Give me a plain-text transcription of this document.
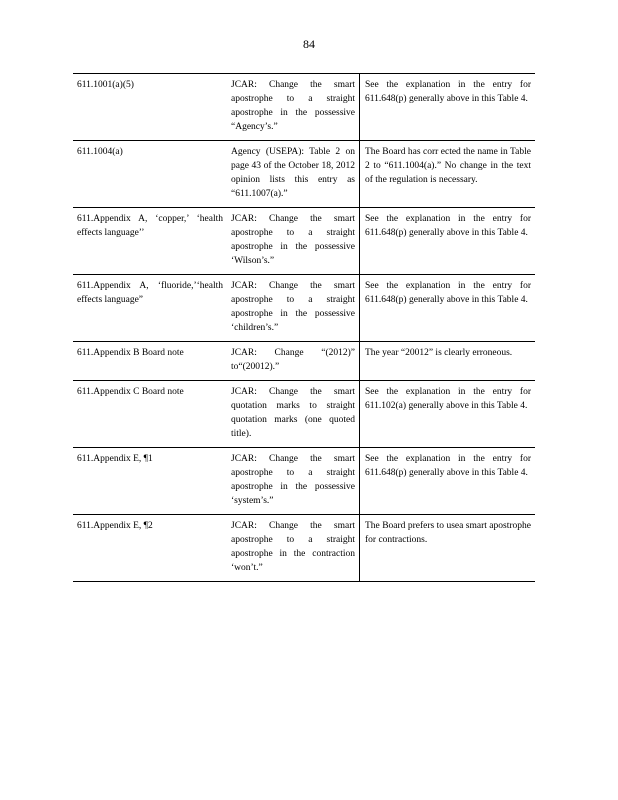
84
611.1001(a)(5)	JCAR: Change the smart apostrophe to a straight apostrophe in the possessive “Agency’s.”	See the explanation in the entry for 611.648(p) generally above in this Table 4.
611.1004(a)	Agency (USEPA): Table 2 on page 43 of the October 18, 2012 opinion lists this entry as “611.1007(a).”	The Board has corr ected the name in Table 2 to “611.1004(a).” No change in the text of the regulation is necessary.
611.Appendix A, ‘copper,’ ‘health effects language’’	JCAR: Change the smart apostrophe to a straight apostrophe in the possessive ‘Wilson’s.”	See the explanation in the entry for 611.648(p) generally above in this Table 4.
611.Appendix A, ‘fluoride,’‘health effects language”	JCAR: Change the smart apostrophe to a straight apostrophe in the possessive ‘children’s.”	See the explanation in the entry for 611.648(p) generally above in this Table 4.
611.Appendix B Board note	JCAR: Change “(2012)” to“(20012).”	The year “20012” is clearly erroneous.
611.Appendix C Board note	JCAR: Change the smart quotation marks to straight quotation marks (one quoted title).	See the explanation in the entry for 611.102(a) generally above in this Table 4.
611.Appendix E, ¶1	JCAR: Change the smart apostrophe to a straight apostrophe in the possessive ‘system’s.”	See the explanation in the entry for 611.648(p) generally above in this Table 4.
611.Appendix E, ¶2	JCAR: Change the smart apostrophe to a straight apostrophe in the contraction ‘won’t.”	The Board prefers to usea smart apostrophe for contractions.
